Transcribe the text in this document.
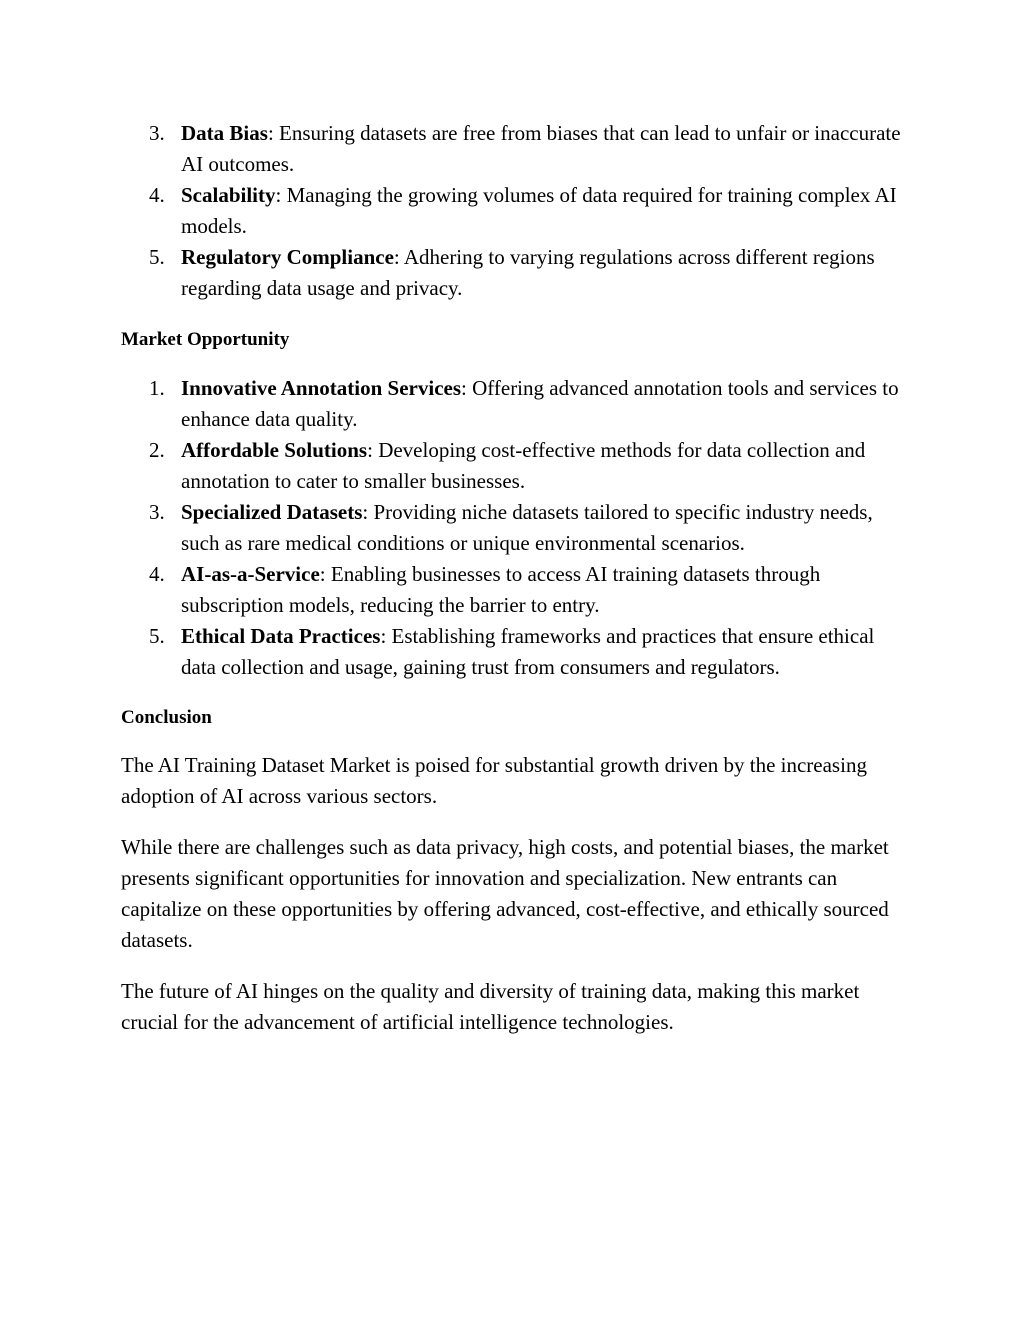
3. Data Bias: Ensuring datasets are free from biases that can lead to unfair or inaccurate AI outcomes.
4. Scalability: Managing the growing volumes of data required for training complex AI models.
5. Regulatory Compliance: Adhering to varying regulations across different regions regarding data usage and privacy.
Market Opportunity
1. Innovative Annotation Services: Offering advanced annotation tools and services to enhance data quality.
2. Affordable Solutions: Developing cost-effective methods for data collection and annotation to cater to smaller businesses.
3. Specialized Datasets: Providing niche datasets tailored to specific industry needs, such as rare medical conditions or unique environmental scenarios.
4. AI-as-a-Service: Enabling businesses to access AI training datasets through subscription models, reducing the barrier to entry.
5. Ethical Data Practices: Establishing frameworks and practices that ensure ethical data collection and usage, gaining trust from consumers and regulators.
Conclusion

The AI Training Dataset Market is poised for substantial growth driven by the increasing adoption of AI across various sectors.

While there are challenges such as data privacy, high costs, and potential biases, the market presents significant opportunities for innovation and specialization. New entrants can capitalize on these opportunities by offering advanced, cost-effective, and ethically sourced datasets.

The future of AI hinges on the quality and diversity of training data, making this market crucial for the advancement of artificial intelligence technologies.
